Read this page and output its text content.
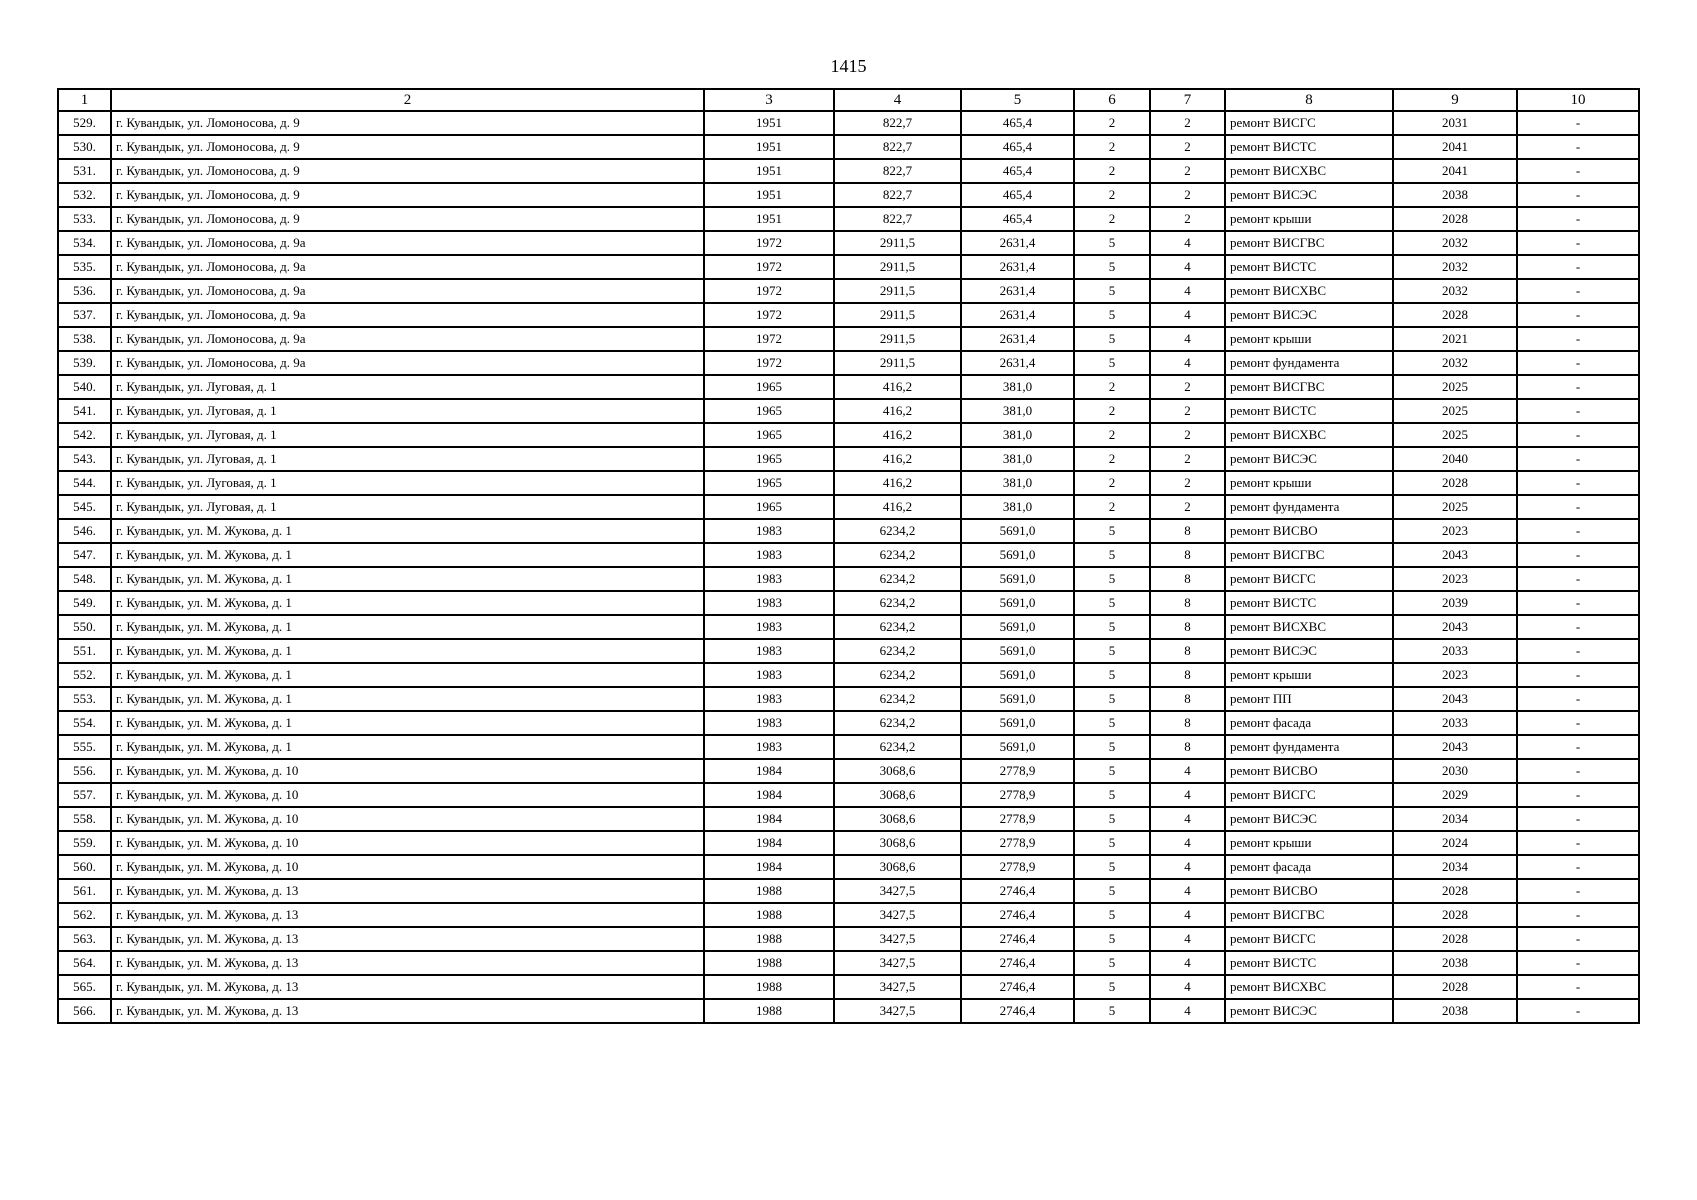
1415
1	2	3	4	5	6	7	8	9	10
529.	г. Кувандык, ул. Ломоносова, д. 9	1951	822,7	465,4	2	2	ремонт ВИСГС	2031	-
530.	г. Кувандык, ул. Ломоносова, д. 9	1951	822,7	465,4	2	2	ремонт ВИСТС	2041	-
531.	г. Кувандык, ул. Ломоносова, д. 9	1951	822,7	465,4	2	2	ремонт ВИСХВС	2041	-
532.	г. Кувандык, ул. Ломоносова, д. 9	1951	822,7	465,4	2	2	ремонт ВИСЭС	2038	-
533.	г. Кувандык, ул. Ломоносова, д. 9	1951	822,7	465,4	2	2	ремонт крыши	2028	-
534.	г. Кувандык, ул. Ломоносова, д. 9а	1972	2911,5	2631,4	5	4	ремонт ВИСГВС	2032	-
535.	г. Кувандык, ул. Ломоносова, д. 9а	1972	2911,5	2631,4	5	4	ремонт ВИСТС	2032	-
536.	г. Кувандык, ул. Ломоносова, д. 9а	1972	2911,5	2631,4	5	4	ремонт ВИСХВС	2032	-
537.	г. Кувандык, ул. Ломоносова, д. 9а	1972	2911,5	2631,4	5	4	ремонт ВИСЭС	2028	-
538.	г. Кувандык, ул. Ломоносова, д. 9а	1972	2911,5	2631,4	5	4	ремонт крыши	2021	-
539.	г. Кувандык, ул. Ломоносова, д. 9а	1972	2911,5	2631,4	5	4	ремонт фундамента	2032	-
540.	г. Кувандык, ул. Луговая, д. 1	1965	416,2	381,0	2	2	ремонт ВИСГВС	2025	-
541.	г. Кувандык, ул. Луговая, д. 1	1965	416,2	381,0	2	2	ремонт ВИСТС	2025	-
542.	г. Кувандык, ул. Луговая, д. 1	1965	416,2	381,0	2	2	ремонт ВИСХВС	2025	-
543.	г. Кувандык, ул. Луговая, д. 1	1965	416,2	381,0	2	2	ремонт ВИСЭС	2040	-
544.	г. Кувандык, ул. Луговая, д. 1	1965	416,2	381,0	2	2	ремонт крыши	2028	-
545.	г. Кувандык, ул. Луговая, д. 1	1965	416,2	381,0	2	2	ремонт фундамента	2025	-
546.	г. Кувандык, ул. М. Жукова, д. 1	1983	6234,2	5691,0	5	8	ремонт ВИСВО	2023	-
547.	г. Кувандык, ул. М. Жукова, д. 1	1983	6234,2	5691,0	5	8	ремонт ВИСГВС	2043	-
548.	г. Кувандык, ул. М. Жукова, д. 1	1983	6234,2	5691,0	5	8	ремонт ВИСГС	2023	-
549.	г. Кувандык, ул. М. Жукова, д. 1	1983	6234,2	5691,0	5	8	ремонт ВИСТС	2039	-
550.	г. Кувандык, ул. М. Жукова, д. 1	1983	6234,2	5691,0	5	8	ремонт ВИСХВС	2043	-
551.	г. Кувандык, ул. М. Жукова, д. 1	1983	6234,2	5691,0	5	8	ремонт ВИСЭС	2033	-
552.	г. Кувандык, ул. М. Жукова, д. 1	1983	6234,2	5691,0	5	8	ремонт крыши	2023	-
553.	г. Кувандык, ул. М. Жукова, д. 1	1983	6234,2	5691,0	5	8	ремонт ПП	2043	-
554.	г. Кувандык, ул. М. Жукова, д. 1	1983	6234,2	5691,0	5	8	ремонт фасада	2033	-
555.	г. Кувандык, ул. М. Жукова, д. 1	1983	6234,2	5691,0	5	8	ремонт фундамента	2043	-
556.	г. Кувандык, ул. М. Жукова, д. 10	1984	3068,6	2778,9	5	4	ремонт ВИСВО	2030	-
557.	г. Кувандык, ул. М. Жукова, д. 10	1984	3068,6	2778,9	5	4	ремонт ВИСГС	2029	-
558.	г. Кувандык, ул. М. Жукова, д. 10	1984	3068,6	2778,9	5	4	ремонт ВИСЭС	2034	-
559.	г. Кувандык, ул. М. Жукова, д. 10	1984	3068,6	2778,9	5	4	ремонт крыши	2024	-
560.	г. Кувандык, ул. М. Жукова, д. 10	1984	3068,6	2778,9	5	4	ремонт фасада	2034	-
561.	г. Кувандык, ул. М. Жукова, д. 13	1988	3427,5	2746,4	5	4	ремонт ВИСВО	2028	-
562.	г. Кувандык, ул. М. Жукова, д. 13	1988	3427,5	2746,4	5	4	ремонт ВИСГВС	2028	-
563.	г. Кувандык, ул. М. Жукова, д. 13	1988	3427,5	2746,4	5	4	ремонт ВИСГС	2028	-
564.	г. Кувандык, ул. М. Жукова, д. 13	1988	3427,5	2746,4	5	4	ремонт ВИСТС	2038	-
565.	г. Кувандык, ул. М. Жукова, д. 13	1988	3427,5	2746,4	5	4	ремонт ВИСХВС	2028	-
566.	г. Кувандык, ул. М. Жукова, д. 13	1988	3427,5	2746,4	5	4	ремонт ВИСЭС	2038	-
